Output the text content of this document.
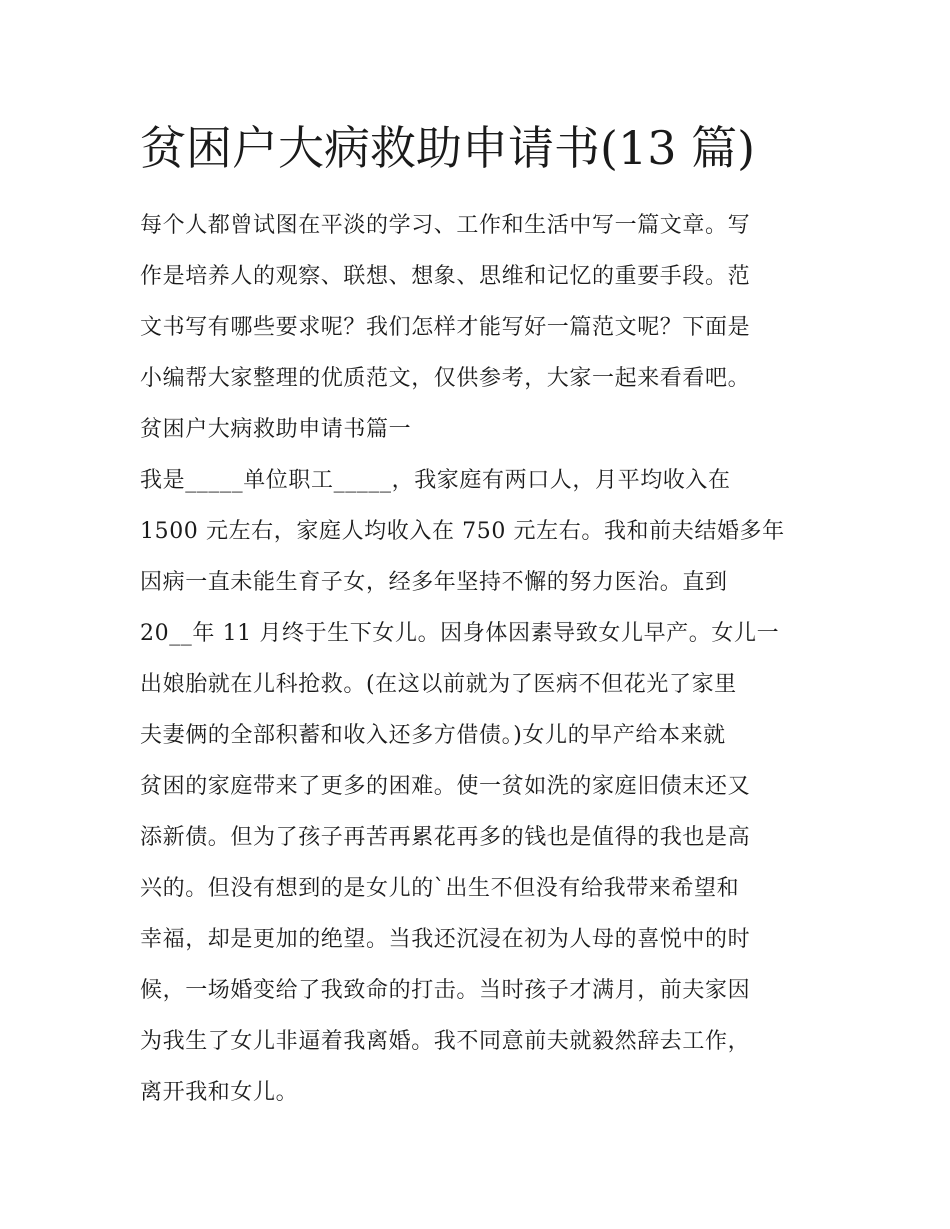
贫困户大病救助申请书(13 篇)
每个人都曾试图在平淡的学习、工作和生活中写一篇文章。写
作是培养人的观察、联想、想象、思维和记忆的重要手段。范
文书写有哪些要求呢？我们怎样才能写好一篇范文呢？下面是
小编帮大家整理的优质范文，仅供参考，大家一起来看看吧。
贫困户大病救助申请书篇一
我是_____单位职工_____，我家庭有两口人，月平均收入在
1500 元左右，家庭人均收入在 750 元左右。我和前夫结婚多年
因病一直未能生育子女，经多年坚持不懈的努力医治。直到
20__年 11 月终于生下女儿。因身体因素导致女儿早产。女儿一
出娘胎就在儿科抢救。(在这以前就为了医病不但花光了家里
夫妻俩的全部积蓄和收入还多方借债。)女儿的早产给本来就
贫困的家庭带来了更多的困难。使一贫如洗的家庭旧债末还又
添新债。但为了孩子再苦再累花再多的钱也是值得的我也是高
兴的。但没有想到的是女儿的`出生不但没有给我带来希望和
幸福，却是更加的绝望。当我还沉浸在初为人母的喜悦中的时
候，一场婚变给了我致命的打击。当时孩子才满月，前夫家因
为我生了女儿非逼着我离婚。我不同意前夫就毅然辞去工作，
离开我和女儿。
